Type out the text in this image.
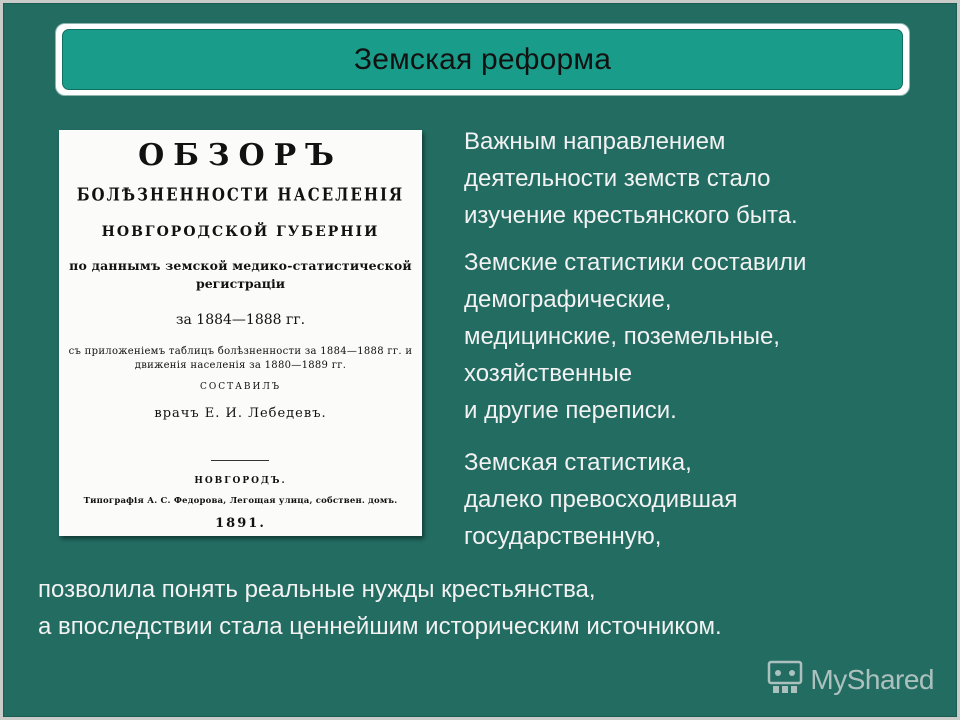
Земская реформа
ОБЗОРЪ
БОЛѢЗНЕННОСТИ НАСЕЛЕНІЯ
НОВГОРОДСКОЙ ГУБЕРНІИ
по даннымъ земской медико-статистической
регистраціи
за 1884—1888 гг.
съ приложеніемъ таблицъ болѣзненности за 1884—1888 гг. и
движенія населенія за 1880—1889 гг.
СОСТАВИЛЪ
врачъ Е. И. Лебедевъ.
НОВГОРОДЪ.
Типографія А. С. Федорова, Легощая улица, собствен. домъ.
1891.

Важным направлением
деятельности земств стало
изучение крестьянского быта.

Земские статистики составили
демографические,
медицинские, поземельные,
хозяйственные
и другие переписи.

Земская статистика,
далеко превосходившая
государственную,

позволила понять реальные нужды крестьянства,
а впоследствии стала ценнейшим историческим источником.

MyShared
